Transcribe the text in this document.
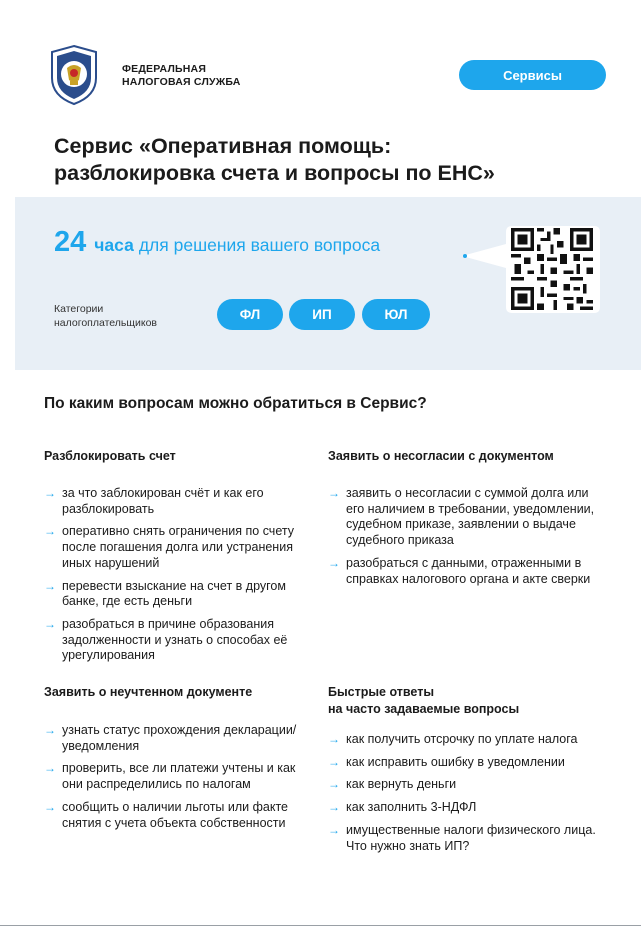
ФЕДЕРАЛЬНАЯ
НАЛОГОВАЯ СЛУЖБА	Сервисы
Сервис «Оперативная помощь:
разблокировка счета и вопросы по ЕНС»
24 часа для решения вашего вопроса
Категории
налогоплательщиков
ФЛ	ИП	ЮЛ
По каким вопросам можно обратиться в Сервис?
Разблокировать счет
→ за что заблокирован счёт и как его разблокировать
→ оперативно снять ограничения по счету после погашения долга или устранения иных нарушений
→ перевести взыскание на счет в другом банке, где есть деньги
→ разобраться в причине образования задолженности и узнать о способах её урегулирования
Заявить о несогласии с документом
→ заявить о несогласии с суммой долга или его наличием в требовании, уведомлении, судебном приказе, заявлении о выдаче судебного приказа
→ разобраться с данными, отраженными в справках налогового органа и акте сверки
Заявить о неучтенном документе
→ узнать статус прохождения декларации/уведомления
→ проверить, все ли платежи учтены и как они распределились по налогам
→ сообщить о наличии льготы или факте снятия с учета объекта собственности
Быстрые ответы
на часто задаваемые вопросы
→ как получить отсрочку по уплате налога
→ как исправить ошибку в уведомлении
→ как вернуть деньги
→ как заполнить 3-НДФЛ
→ имущественные налоги физического лица. Что нужно знать ИП?
